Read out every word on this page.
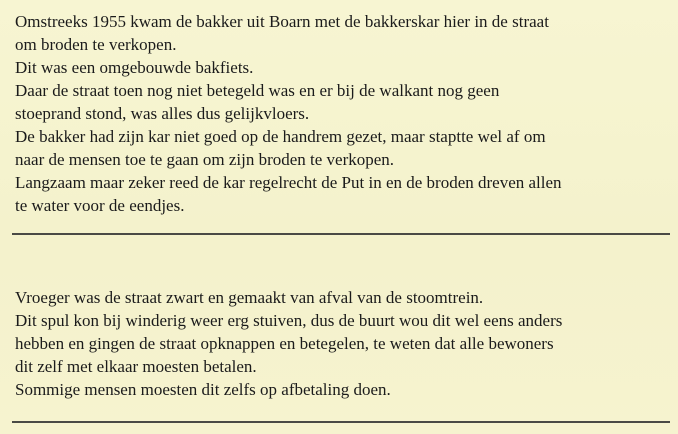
Omstreeks 1955 kwam de bakker uit Boarn met de bakkerskar hier in de straat
om broden te verkopen.
Dit was een omgebouwde bakfiets.
Daar de straat toen nog niet betegeld was en er bij de walkant nog geen
stoeprand stond, was alles dus gelijkvloers.
De bakker had zijn kar niet goed op de handrem gezet, maar staptte wel af om
naar de mensen toe te gaan om zijn broden te verkopen.
Langzaam maar zeker reed de kar regelrecht de Put in en de broden dreven allen
te water voor de eendjes.
Vroeger was de straat zwart en gemaakt van afval van de stoomtrein.
Dit spul kon bij winderig weer erg stuiven, dus de buurt wou dit wel eens anders
hebben en gingen de straat opknappen en betegelen, te weten dat alle bewoners
dit zelf met elkaar moesten betalen.
Sommige mensen moesten dit zelfs op afbetaling doen.
